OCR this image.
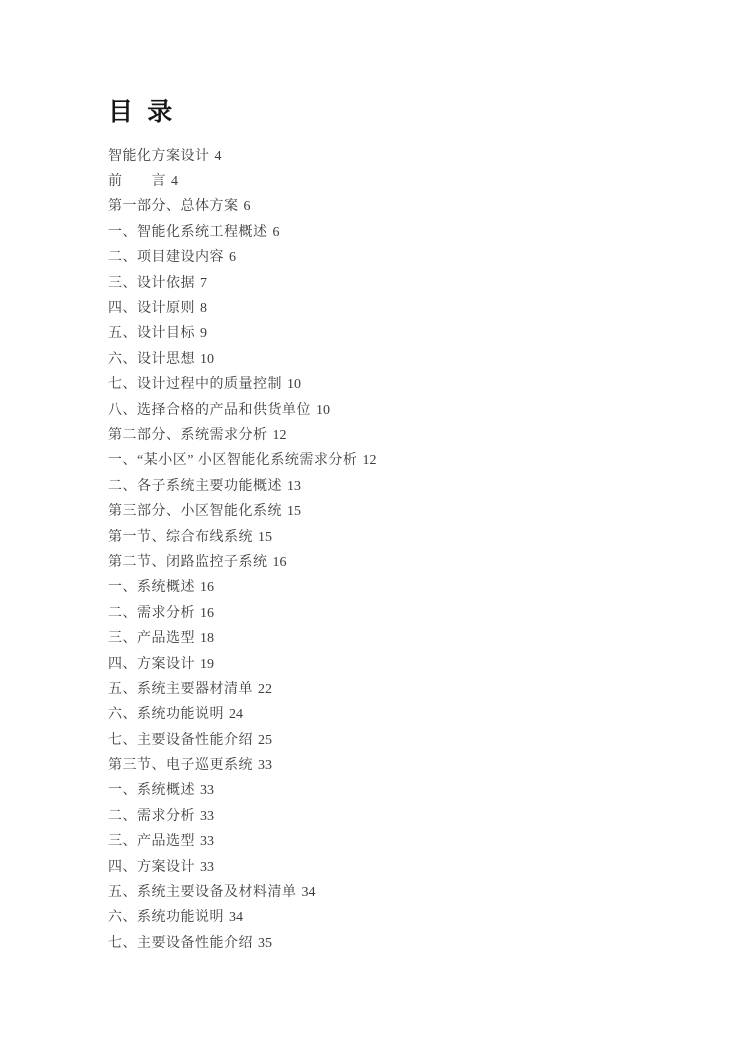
目 录
智能化方案设计 4
前　　言 4
第一部分、总体方案 6
一、智能化系统工程概述 6
二、项目建设内容 6
三、设计依据 7
四、设计原则 8
五、设计目标 9
六、设计思想 10
七、设计过程中的质量控制 10
八、选择合格的产品和供货单位 10
第二部分、系统需求分析 12
一、“某小区” 小区智能化系统需求分析 12
二、各子系统主要功能概述 13
第三部分、小区智能化系统 15
第一节、综合布线系统 15
第二节、闭路监控子系统 16
一、系统概述 16
二、需求分析 16
三、产品选型 18
四、方案设计 19
五、系统主要器材清单 22
六、系统功能说明 24
七、主要设备性能介绍 25
第三节、电子巡更系统 33
一、系统概述 33
二、需求分析 33
三、产品选型 33
四、方案设计 33
五、系统主要设备及材料清单 34
六、系统功能说明 34
七、主要设备性能介绍 35
